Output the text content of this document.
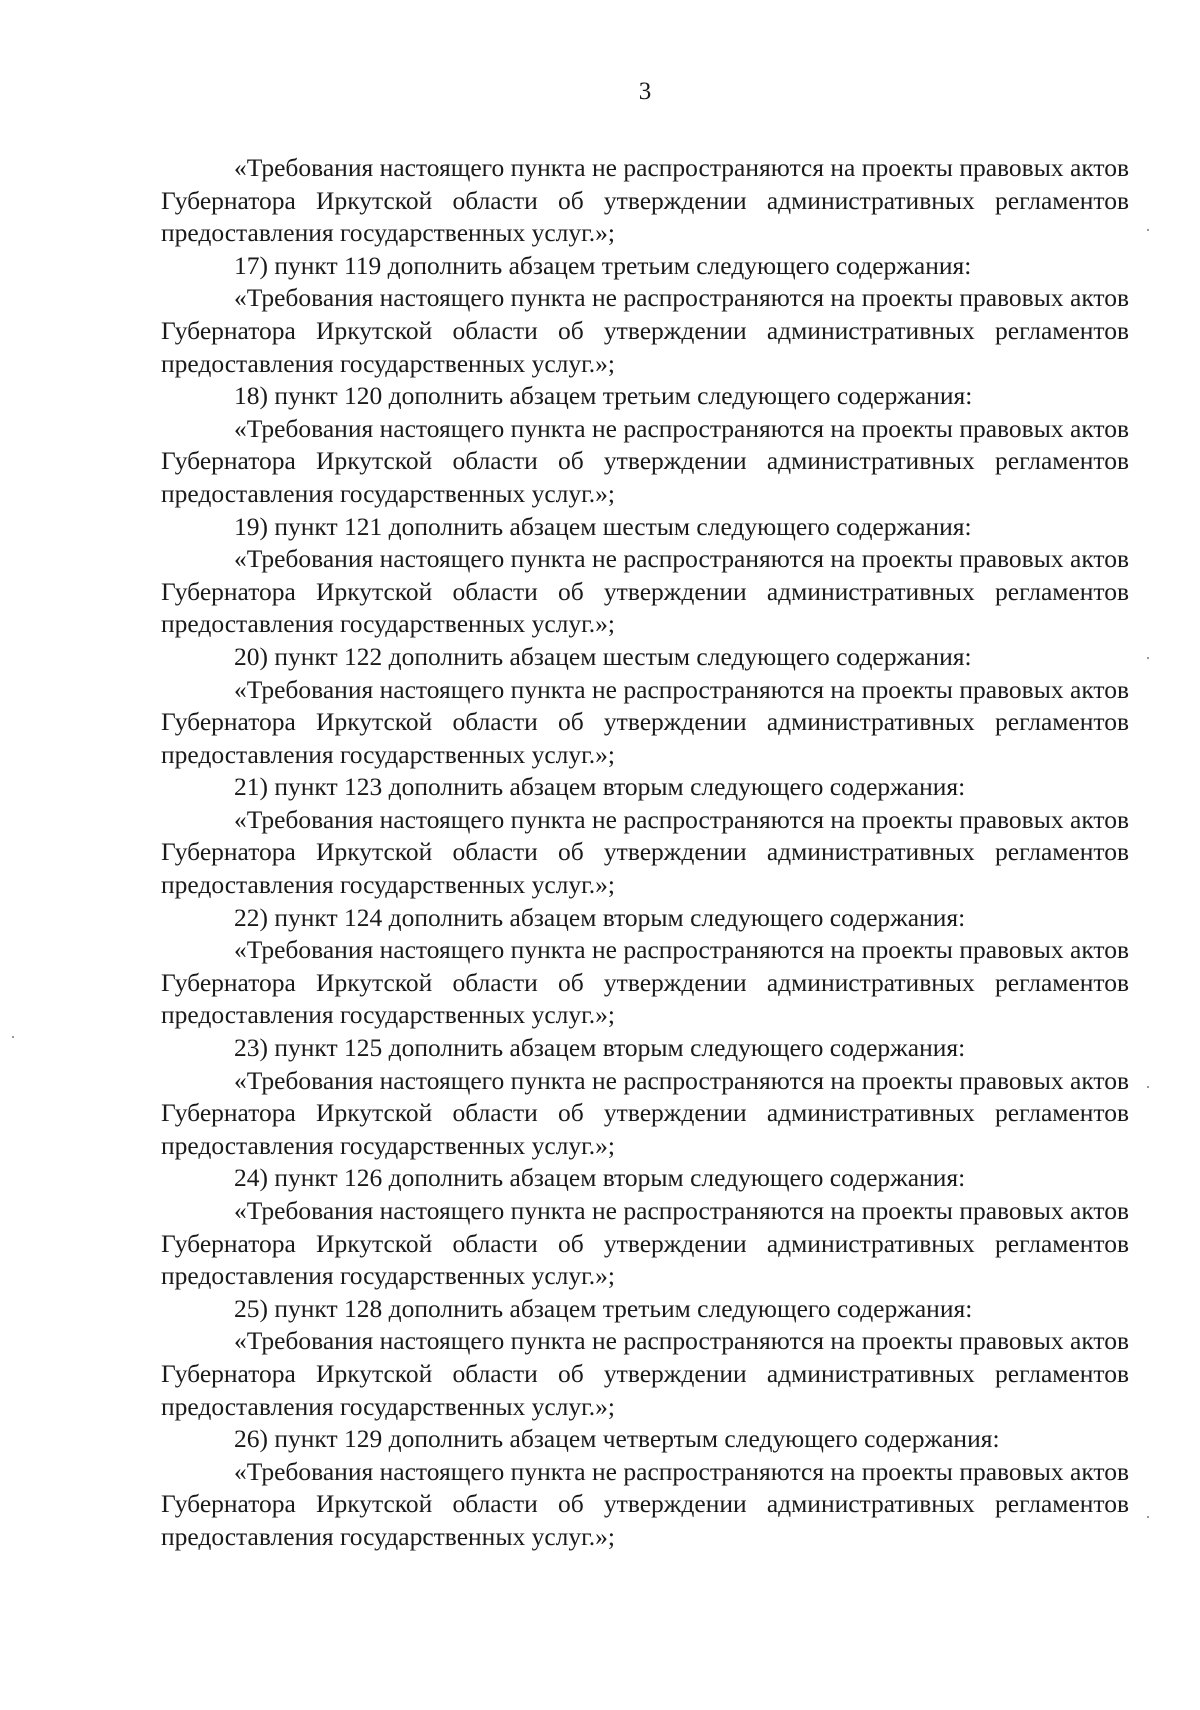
3

«Требования настоящего пункта не распространяются на проекты правовых актов Губернатора Иркутской области об утверждении административных регламентов предоставления государственных услуг.»;

17) пункт 119 дополнить абзацем третьим следующего содержания:

«Требования настоящего пункта не распространяются на проекты правовых актов Губернатора Иркутской области об утверждении административных регламентов предоставления государственных услуг.»;

18) пункт 120 дополнить абзацем третьим следующего содержания:

«Требования настоящего пункта не распространяются на проекты правовых актов Губернатора Иркутской области об утверждении административных регламентов предоставления государственных услуг.»;

19) пункт 121 дополнить абзацем шестым следующего содержания:

«Требования настоящего пункта не распространяются на проекты правовых актов Губернатора Иркутской области об утверждении административных регламентов предоставления государственных услуг.»;

20) пункт 122 дополнить абзацем шестым следующего содержания:

«Требования настоящего пункта не распространяются на проекты правовых актов Губернатора Иркутской области об утверждении административных регламентов предоставления государственных услуг.»;

21) пункт 123 дополнить абзацем вторым следующего содержания:

«Требования настоящего пункта не распространяются на проекты правовых актов Губернатора Иркутской области об утверждении административных регламентов предоставления государственных услуг.»;

22) пункт 124 дополнить абзацем вторым следующего содержания:

«Требования настоящего пункта не распространяются на проекты правовых актов Губернатора Иркутской области об утверждении административных регламентов предоставления государственных услуг.»;

23) пункт 125 дополнить абзацем вторым следующего содержания:

«Требования настоящего пункта не распространяются на проекты правовых актов Губернатора Иркутской области об утверждении административных регламентов предоставления государственных услуг.»;

24) пункт 126 дополнить абзацем вторым следующего содержания:

«Требования настоящего пункта не распространяются на проекты правовых актов Губернатора Иркутской области об утверждении административных регламентов предоставления государственных услуг.»;

25) пункт 128 дополнить абзацем третьим следующего содержания:

«Требования настоящего пункта не распространяются на проекты правовых актов Губернатора Иркутской области об утверждении административных регламентов предоставления государственных услуг.»;

26) пункт 129 дополнить абзацем четвертым следующего содержания:

«Требования настоящего пункта не распространяются на проекты правовых актов Губернатора Иркутской области об утверждении административных регламентов предоставления государственных услуг.»;
